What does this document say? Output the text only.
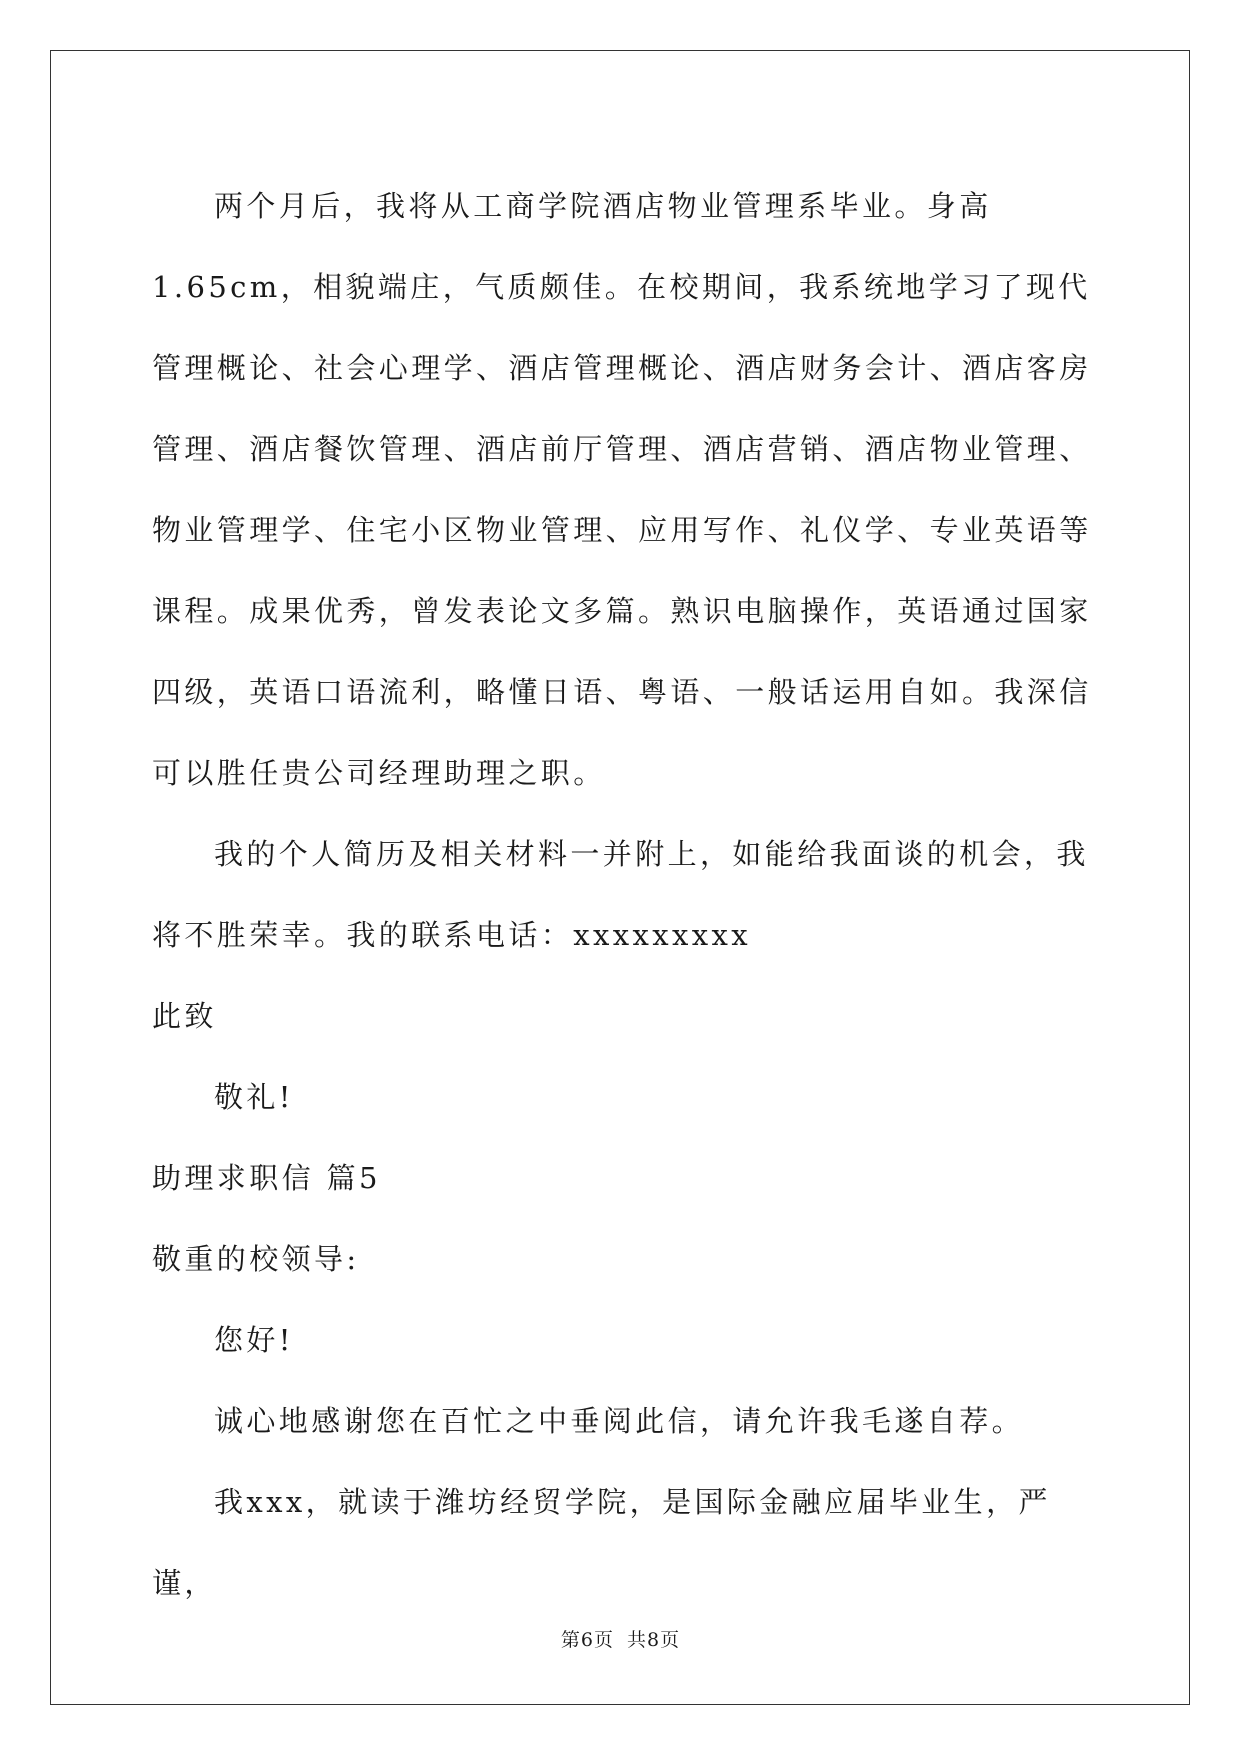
两个月后，我将从工商学院酒店物业管理系毕业。身高1.65cm，相貌端庄，气质颇佳。在校期间，我系统地学习了现代管理概论、社会心理学、酒店管理概论、酒店财务会计、酒店客房管理、酒店餐饮管理、酒店前厅管理、酒店营销、酒店物业管理、物业管理学、住宅小区物业管理、应用写作、礼仪学、专业英语等课程。成果优秀，曾发表论文多篇。熟识电脑操作，英语通过国家四级，英语口语流利，略懂日语、粤语、一般话运用自如。我深信可以胜任贵公司经理助理之职。

我的个人简历及相关材料一并附上，如能给我面谈的机会，我将不胜荣幸。我的联系电话：xxxxxxxxx

此致

敬礼!

助理求职信 篇5

敬重的校领导:

您好!

诚心地感谢您在百忙之中垂阅此信，请允许我毛遂自荐。

我xxx，就读于潍坊经贸学院，是国际金融应届毕业生，严谨，

第6页 共8页
